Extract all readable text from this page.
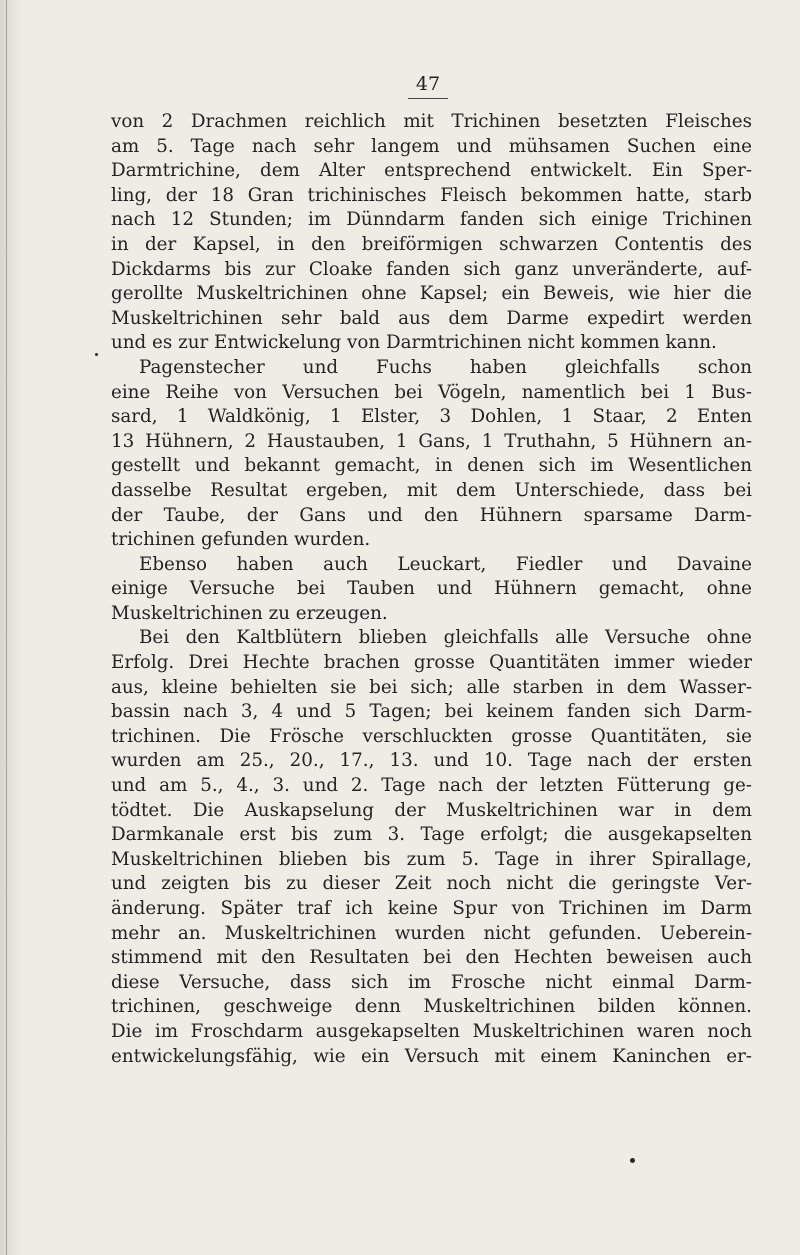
47
von 2 Drachmen reichlich mit Trichinen besetzten Fleisches
am 5. Tage nach sehr langem und mühsamen Suchen eine
Darmtrichine, dem Alter entsprechend entwickelt. Ein Sper-
ling, der 18 Gran trichinisches Fleisch bekommen hatte, starb
nach 12 Stunden; im Dünndarm fanden sich einige Trichinen
in der Kapsel, in den breiförmigen schwarzen Contentis des
Dickdarms bis zur Cloake fanden sich ganz unveränderte, auf-
gerollte Muskeltrichinen ohne Kapsel; ein Beweis, wie hier die
Muskeltrichinen sehr bald aus dem Darme expedirt werden
und es zur Entwickelung von Darmtrichinen nicht kommen kann.
Pagenstecher und Fuchs haben gleichfalls schon
eine Reihe von Versuchen bei Vögeln, namentlich bei 1 Bus-
sard, 1 Waldkönig, 1 Elster, 3 Dohlen, 1 Staar, 2 Enten
13 Hühnern, 2 Haustauben, 1 Gans, 1 Truthahn, 5 Hühnern an-
gestellt und bekannt gemacht, in denen sich im Wesentlichen
dasselbe Resultat ergeben, mit dem Unterschiede, dass bei
der Taube, der Gans und den Hühnern sparsame Darm-
trichinen gefunden wurden.
Ebenso haben auch Leuckart, Fiedler und Davaine
einige Versuche bei Tauben und Hühnern gemacht, ohne
Muskeltrichinen zu erzeugen.
Bei den Kaltblütern blieben gleichfalls alle Versuche ohne
Erfolg. Drei Hechte brachen grosse Quantitäten immer wieder
aus, kleine behielten sie bei sich; alle starben in dem Wasser-
bassin nach 3, 4 und 5 Tagen; bei keinem fanden sich Darm-
trichinen. Die Frösche verschluckten grosse Quantitäten, sie
wurden am 25., 20., 17., 13. und 10. Tage nach der ersten
und am 5., 4., 3. und 2. Tage nach der letzten Fütterung ge-
tödtet. Die Auskapselung der Muskeltrichinen war in dem
Darmkanale erst bis zum 3. Tage erfolgt; die ausgekapselten
Muskeltrichinen blieben bis zum 5. Tage in ihrer Spirallage,
und zeigten bis zu dieser Zeit noch nicht die geringste Ver-
änderung. Später traf ich keine Spur von Trichinen im Darm
mehr an. Muskeltrichinen wurden nicht gefunden. Ueberein-
stimmend mit den Resultaten bei den Hechten beweisen auch
diese Versuche, dass sich im Frosche nicht einmal Darm-
trichinen, geschweige denn Muskeltrichinen bilden können.
Die im Froschdarm ausgekapselten Muskeltrichinen waren noch
entwickelungsfähig, wie ein Versuch mit einem Kaninchen er-
